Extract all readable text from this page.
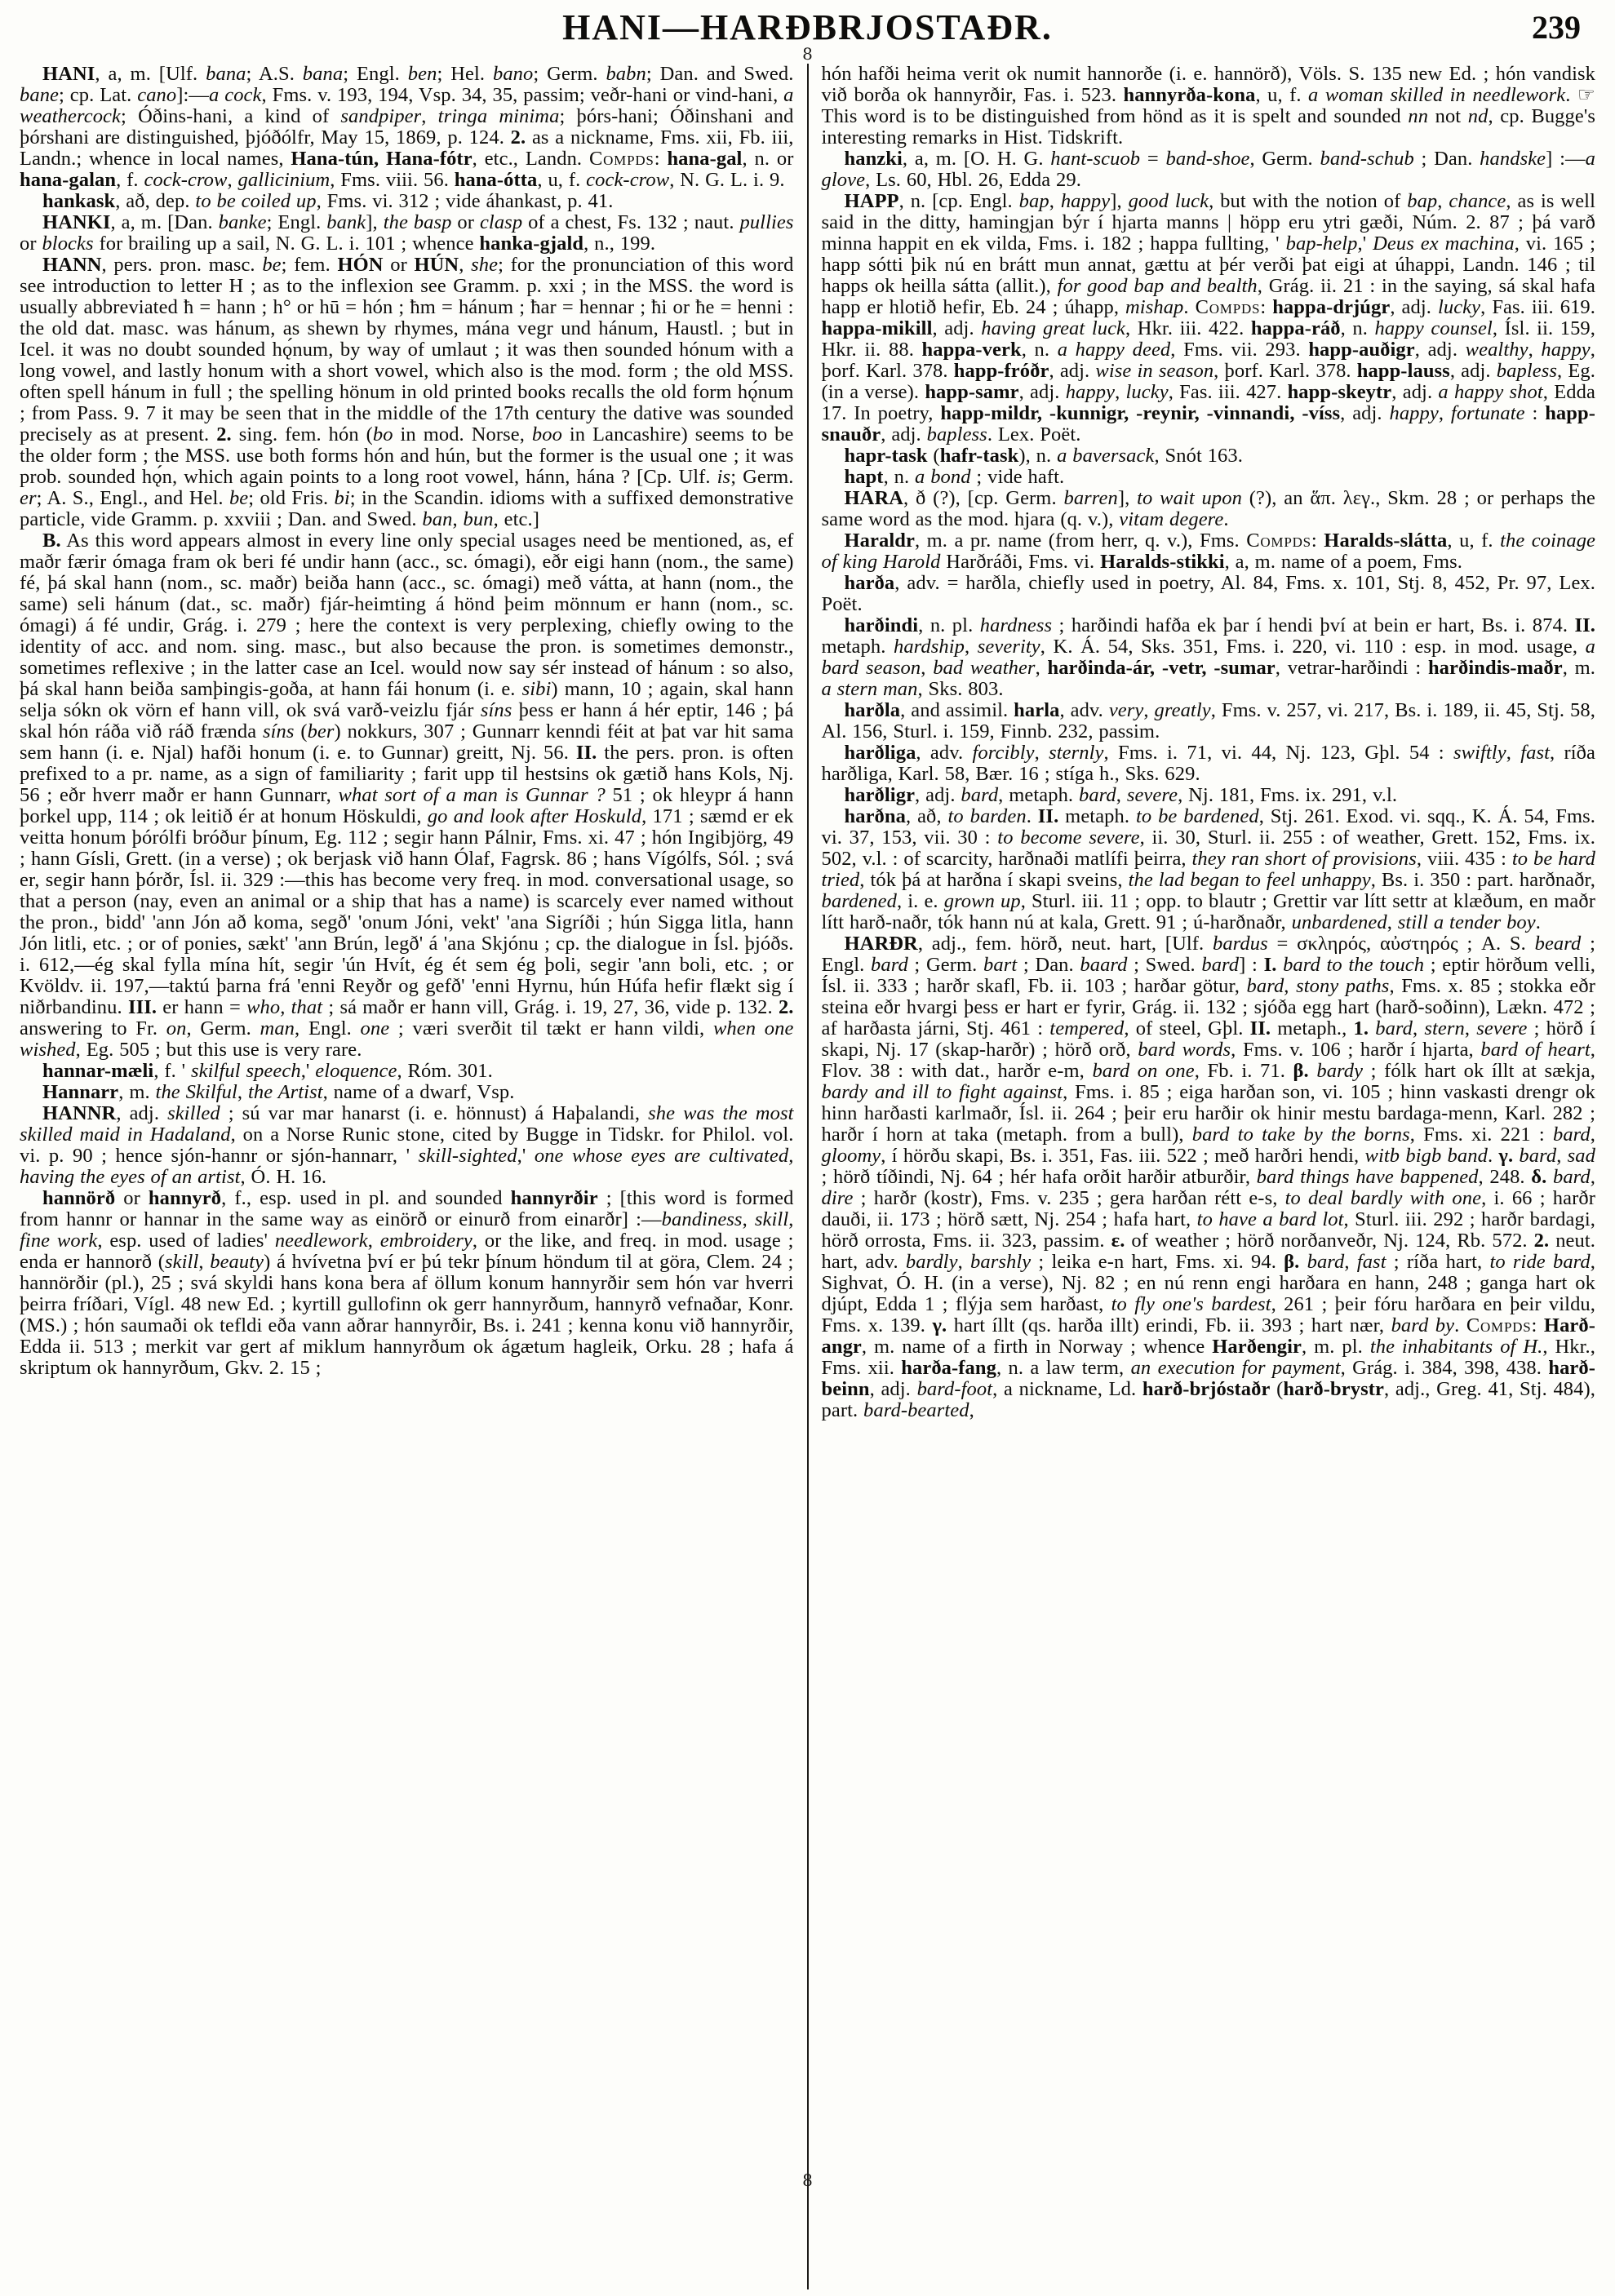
HANI—HARÐBRJOSTAÐR.	239
8

HANI, a, m. [Ulf. bana; A.S. bana; Engl. ben; Hel. bano; Germ. babn; Dan. and Swed. bane; cp. Lat. cano]:—a cock, Fms. v. 193, 194, Vsp. 34, 35, passim; veðr-hani or vind-hani, a weathercock; Óðins-hani, a kind of sandpiper, tringa minima; þórs-hani; Óðinshani and þórshani are distinguished, þjóðólfr, May 15, 1869, p. 124. 2. as a nickname, Fms. xii, Fb. iii, Landn.; whence in local names, Hana-tún, Hana-fótr, etc., Landn. Compds: hana-gal, n. or hana-galan, f. cock-crow, gallicinium, Fms. viii. 56. hana-ótta, u, f. cock-crow, N. G. L. i. 9.

hankask, að, dep. to be coiled up, Fms. vi. 312 ; vide áhankast, p. 41.

HANKI, a, m. [Dan. banke; Engl. bank], the basp or clasp of a chest, Fs. 132 ; naut. pullies or blocks for brailing up a sail, N. G. L. i. 101 ; whence hanka-gjald, n., 199.

HANN, pers. pron. masc. be; fem. HÓN or HÚN, she; for the pronunciation of this word see introduction to letter H ; as to the inflexion see Gramm. p. xxi ; in the MSS. the word is usually abbreviated ħ = hann ; h° or hū = hón ; ħm = hánum ; ħar = hennar ; ħi or ħe = henni : the old dat. masc. was hánum, as shewn by rhymes, mána vegr und hánum, Haustl. ; but in Icel. it was no doubt sounded hǫ́num, by way of umlaut ; it was then sounded hónum with a long vowel, and lastly honum with a short vowel, which also is the mod. form ; the old MSS. often spell hánum in full ; the spelling hönum in old printed books recalls the old form hǫ́num ; from Pass. 9. 7 it may be seen that in the middle of the 17th century the dative was sounded precisely as at present. 2. sing. fem. hón (bo in mod. Norse, boo in Lancashire) seems to be the older form ; the MSS. use both forms hón and hún, but the former is the usual one ; it was prob. sounded hǫ́n, which again points to a long root vowel, hánn, hána ? [Cp. Ulf. is; Germ. er; A. S., Engl., and Hel. be; old Fris. bi; in the Scandin. idioms with a suffixed demonstrative particle, vide Gramm. p. xxviii ; Dan. and Swed. ban, bun, etc.]

B. As this word appears almost in every line only special usages need be mentioned, as, ef maðr færir ómaga fram ok beri fé undir hann (acc., sc. ómagi), eðr eigi hann (nom., the same) fé, þá skal hann (nom., sc. maðr) beiða hann (acc., sc. ómagi) með vátta, at hann (nom., the same) seli hánum (dat., sc. maðr) fjár-heimting á hönd þeim mönnum er hann (nom., sc. ómagi) á fé undir, Grág. i. 279 ; here the context is very perplexing, chiefly owing to the identity of acc. and nom. sing. masc., but also because the pron. is sometimes demonstr., sometimes reflexive ; in the latter case an Icel. would now say sér instead of hánum : so also, þá skal hann beiða samþingis-goða, at hann fái honum (i. e. sibi) mann, 10 ; again, skal hann selja sókn ok vörn ef hann vill, ok svá varð-veizlu fjár síns þess er hann á hér eptir, 146 ; þá skal hón ráða við ráð frænda síns (ber) nokkurs, 307 ; Gunnarr kenndi féit at þat var hit sama sem hann (i. e. Njal) hafði honum (i. e. to Gunnar) greitt, Nj. 56. II. the pers. pron. is often prefixed to a pr. name, as a sign of familiarity ; farit upp til hestsins ok gætið hans Kols, Nj. 56 ; eðr hverr maðr er hann Gunnarr, what sort of a man is Gunnar ? 51 ; ok hleypr á hann þorkel upp, 114 ; ok leitið ér at honum Höskuldi, go and look after Hoskuld, 171 ; sæmd er ek veitta honum þórólfi bróður þínum, Eg. 112 ; segir hann Pálnir, Fms. xi. 47 ; hón Ingibjörg, 49 ; hann Gísli, Grett. (in a verse) ; ok berjask við hann Ólaf, Fagrsk. 86 ; hans Vígólfs, Sól. ; svá er, segir hann þórðr, Ísl. ii. 329 :—this has become very freq. in mod. conversational usage, so that a person (nay, even an animal or a ship that has a name) is scarcely ever named without the pron., bidd' 'ann Jón að koma, segð' 'onum Jóni, vekt' 'ana Sigríði ; hún Sigga litla, hann Jón litli, etc. ; or of ponies, sækt' 'ann Brún, legð' á 'ana Skjónu ; cp. the dialogue in Ísl. þjóðs. i. 612,—ég skal fylla mína hít, segir 'ún Hvít, ég ét sem ég þoli, segir 'ann boli, etc. ; or Kvöldv. ii. 197,—taktú þarna frá 'enni Reyðr og gefð' 'enni Hyrnu, hún Húfa hefir flækt sig í niðrbandinu. III. er hann = who, that ; sá maðr er hann vill, Grág. i. 19, 27, 36, vide p. 132. 2. answering to Fr. on, Germ. man, Engl. one ; væri sverðit til tækt er hann vildi, when one wished, Eg. 505 ; but this use is very rare.

hannar-mæli, f. ' skilful speech,' eloquence, Róm. 301.

Hannarr, m. the Skilful, the Artist, name of a dwarf, Vsp.

HANNR, adj. skilled ; sú var mar hanarst (i. e. hönnust) á Haþalandi, she was the most skilled maid in Hadaland, on a Norse Runic stone, cited by Bugge in Tidskr. for Philol. vol. vi. p. 90 ; hence sjón-hannr or sjón-hannarr, ' skill-sighted,' one whose eyes are cultivated, having the eyes of an artist, Ó. H. 16.

hannörð or hannyrð, f., esp. used in pl. and sounded hannyrðir ; [this word is formed from hannr or hannar in the same way as einörð or einurð from einarðr] :—bandiness, skill, fine work, esp. used of ladies' needlework, embroidery, or the like, and freq. in mod. usage ; enda er hannorð (skill, beauty) á hvívetna því er þú tekr þínum höndum til at göra, Clem. 24 ; hannörðir (pl.), 25 ; svá skyldi hans kona bera af öllum konum hannyrðir sem hón var hverri þeirra fríðari, Vígl. 48 new Ed. ; kyrtill gullofinn ok gerr hannyrðum, hannyrð vefnaðar, Konr. (MS.) ; hón saumaði ok tefldi eða vann aðrar hannyrðir, Bs. i. 241 ; kenna konu við hannyrðir, Edda ii. 513 ; merkit var gert af miklum hannyrðum ok ágætum hagleik, Orku. 28 ; hafa á skriptum ok hannyrðum, Gkv. 2. 15 ;

hón hafði heima verit ok numit hannorðe (i. e. hannörð), Völs. S. 135 new Ed. ; hón vandisk við borða ok hannyrðir, Fas. i. 523. hannyrða-kona, u, f. a woman skilled in needlework. ☞ This word is to be distinguished from hönd as it is spelt and sounded nn not nd, cp. Bugge's interesting remarks in Hist. Tidskrift.

hanzki, a, m. [O. H. G. hant-scuob = band-shoe, Germ. band-schub ; Dan. handske] :—a glove, Ls. 60, Hbl. 26, Edda 29.

HAPP, n. [cp. Engl. bap, happy], good luck, but with the notion of bap, chance, as is well said in the ditty, hamingjan býr í hjarta manns | höpp eru ytri gæði, Núm. 2. 87 ; þá varð minna happit en ek vilda, Fms. i. 182 ; happa fullting, ' bap-help,' Deus ex machina, vi. 165 ; happ sótti þik nú en brátt mun annat, gættu at þér verði þat eigi at úhappi, Landn. 146 ; til happs ok heilla sátta (allit.), for good bap and bealth, Grág. ii. 21 : in the saying, sá skal hafa happ er hlotið hefir, Eb. 24 ; úhapp, mishap. Compds: happa-drjúgr, adj. lucky, Fas. iii. 619. happa-mikill, adj. having great luck, Hkr. iii. 422. happa-ráð, n. happy counsel, Ísl. ii. 159, Hkr. ii. 88. happa-verk, n. a happy deed, Fms. vii. 293. happ-auðigr, adj. wealthy, happy, þorf. Karl. 378. happ-fróðr, adj. wise in season, þorf. Karl. 378. happ-lauss, adj. bapless, Eg. (in a verse). happ-samr, adj. happy, lucky, Fas. iii. 427. happ-skeytr, adj. a happy shot, Edda 17. In poetry, happ-mildr, -kunnigr, -reynir, -vinnandi, -víss, adj. happy, fortunate : happ-snauðr, adj. bapless. Lex. Poët.

hapr-task (hafr-task), n. a baversack, Snót 163.

hapt, n. a bond ; vide haft.

HARA, ð (?), [cp. Germ. barren], to wait upon (?), an ἅπ. λεγ., Skm. 28 ; or perhaps the same word as the mod. hjara (q. v.), vitam degere.

Haraldr, m. a pr. name (from herr, q. v.), Fms. Compds: Haralds-slátta, u, f. the coinage of king Harold Harðráði, Fms. vi. Haralds-stikki, a, m. name of a poem, Fms.

harða, adv. = harðla, chiefly used in poetry, Al. 84, Fms. x. 101, Stj. 8, 452, Pr. 97, Lex. Poët.

harðindi, n. pl. hardness ; harðindi hafða ek þar í hendi því at bein er hart, Bs. i. 874. II. metaph. hardship, severity, K. Á. 54, Sks. 351, Fms. i. 220, vi. 110 : esp. in mod. usage, a bard season, bad weather, harðinda-ár, -vetr, -sumar, vetrar-harðindi : harðindis-maðr, m. a stern man, Sks. 803.

harðla, and assimil. harla, adv. very, greatly, Fms. v. 257, vi. 217, Bs. i. 189, ii. 45, Stj. 58, Al. 156, Sturl. i. 159, Finnb. 232, passim.

harðliga, adv. forcibly, sternly, Fms. i. 71, vi. 44, Nj. 123, Gþl. 54 : swiftly, fast, ríða harðliga, Karl. 58, Bær. 16 ; stíga h., Sks. 629.

harðligr, adj. bard, metaph. bard, severe, Nj. 181, Fms. ix. 291, v.l.

harðna, að, to barden. II. metaph. to be bardened, Stj. 261. Exod. vi. sqq., K. Á. 54, Fms. vi. 37, 153, vii. 30 : to become severe, ii. 30, Sturl. ii. 255 : of weather, Grett. 152, Fms. ix. 502, v.l. : of scarcity, harðnaði matlífi þeirra, they ran short of provisions, viii. 435 : to be hard tried, tók þá at harðna í skapi sveins, the lad began to feel unhappy, Bs. i. 350 : part. harðnaðr, bardened, i. e. grown up, Sturl. iii. 11 ; opp. to blautr ; Grettir var lítt settr at klæðum, en maðr lítt harð-naðr, tók hann nú at kala, Grett. 91 ; ú-harðnaðr, unbardened, still a tender boy.

HARÐR, adj., fem. hörð, neut. hart, [Ulf. bardus = σκληρός, αὐστηρός ; A. S. beard ; Engl. bard ; Germ. bart ; Dan. baard ; Swed. bard] : I. bard to the touch ; eptir hörðum velli, Ísl. ii. 333 ; harðr skafl, Fb. ii. 103 ; harðar götur, bard, stony paths, Fms. x. 85 ; stokka eðr steina eðr hvargi þess er hart er fyrir, Grág. ii. 132 ; sjóða egg hart (harð-soðinn), Lækn. 472 ; af harðasta járni, Stj. 461 : tempered, of steel, Gþl. II. metaph., 1. bard, stern, severe ; hörð í skapi, Nj. 17 (skap-harðr) ; hörð orð, bard words, Fms. v. 106 ; harðr í hjarta, bard of heart, Flov. 38 : with dat., harðr e-m, bard on one, Fb. i. 71. β. bardy ; fólk hart ok íllt at sækja, bardy and ill to fight against, Fms. i. 85 ; eiga harðan son, vi. 105 ; hinn vaskasti drengr ok hinn harðasti karlmaðr, Ísl. ii. 264 ; þeir eru harðir ok hinir mestu bardaga-menn, Karl. 282 ; harðr í horn at taka (metaph. from a bull), bard to take by the borns, Fms. xi. 221 : bard, gloomy, í hörðu skapi, Bs. i. 351, Fas. iii. 522 ; með harðri hendi, witb bigb band. γ. bard, sad ; hörð tíðindi, Nj. 64 ; hér hafa orðit harðir atburðir, bard things have bappened, 248. δ. bard, dire ; harðr (kostr), Fms. v. 235 ; gera harðan rétt e-s, to deal bardly with one, i. 66 ; harðr dauði, ii. 173 ; hörð sætt, Nj. 254 ; hafa hart, to have a bard lot, Sturl. iii. 292 ; harðr bardagi, hörð orrosta, Fms. ii. 323, passim. ε. of weather ; hörð norðanveðr, Nj. 124, Rb. 572. 2. neut. hart, adv. bardly, barshly ; leika e-n hart, Fms. xi. 94. β. bard, fast ; ríða hart, to ride bard, Sighvat, Ó. H. (in a verse), Nj. 82 ; en nú renn engi harðara en hann, 248 ; ganga hart ok djúpt, Edda 1 ; flýja sem harðast, to fly one's bardest, 261 ; þeir fóru harðara en þeir vildu, Fms. x. 139. γ. hart íllt (qs. harða illt) erindi, Fb. ii. 393 ; hart nær, bard by. Compds: Harð-angr, m. name of a firth in Norway ; whence Harðengir, m. pl. the inhabitants of H., Hkr., Fms. xii. harða-fang, n. a law term, an execution for payment, Grág. i. 384, 398, 438. harð-beinn, adj. bard-foot, a nickname, Ld. harð-brjóstaðr (harð-brystr, adj., Greg. 41, Stj. 484), part. bard-bearted,

8
